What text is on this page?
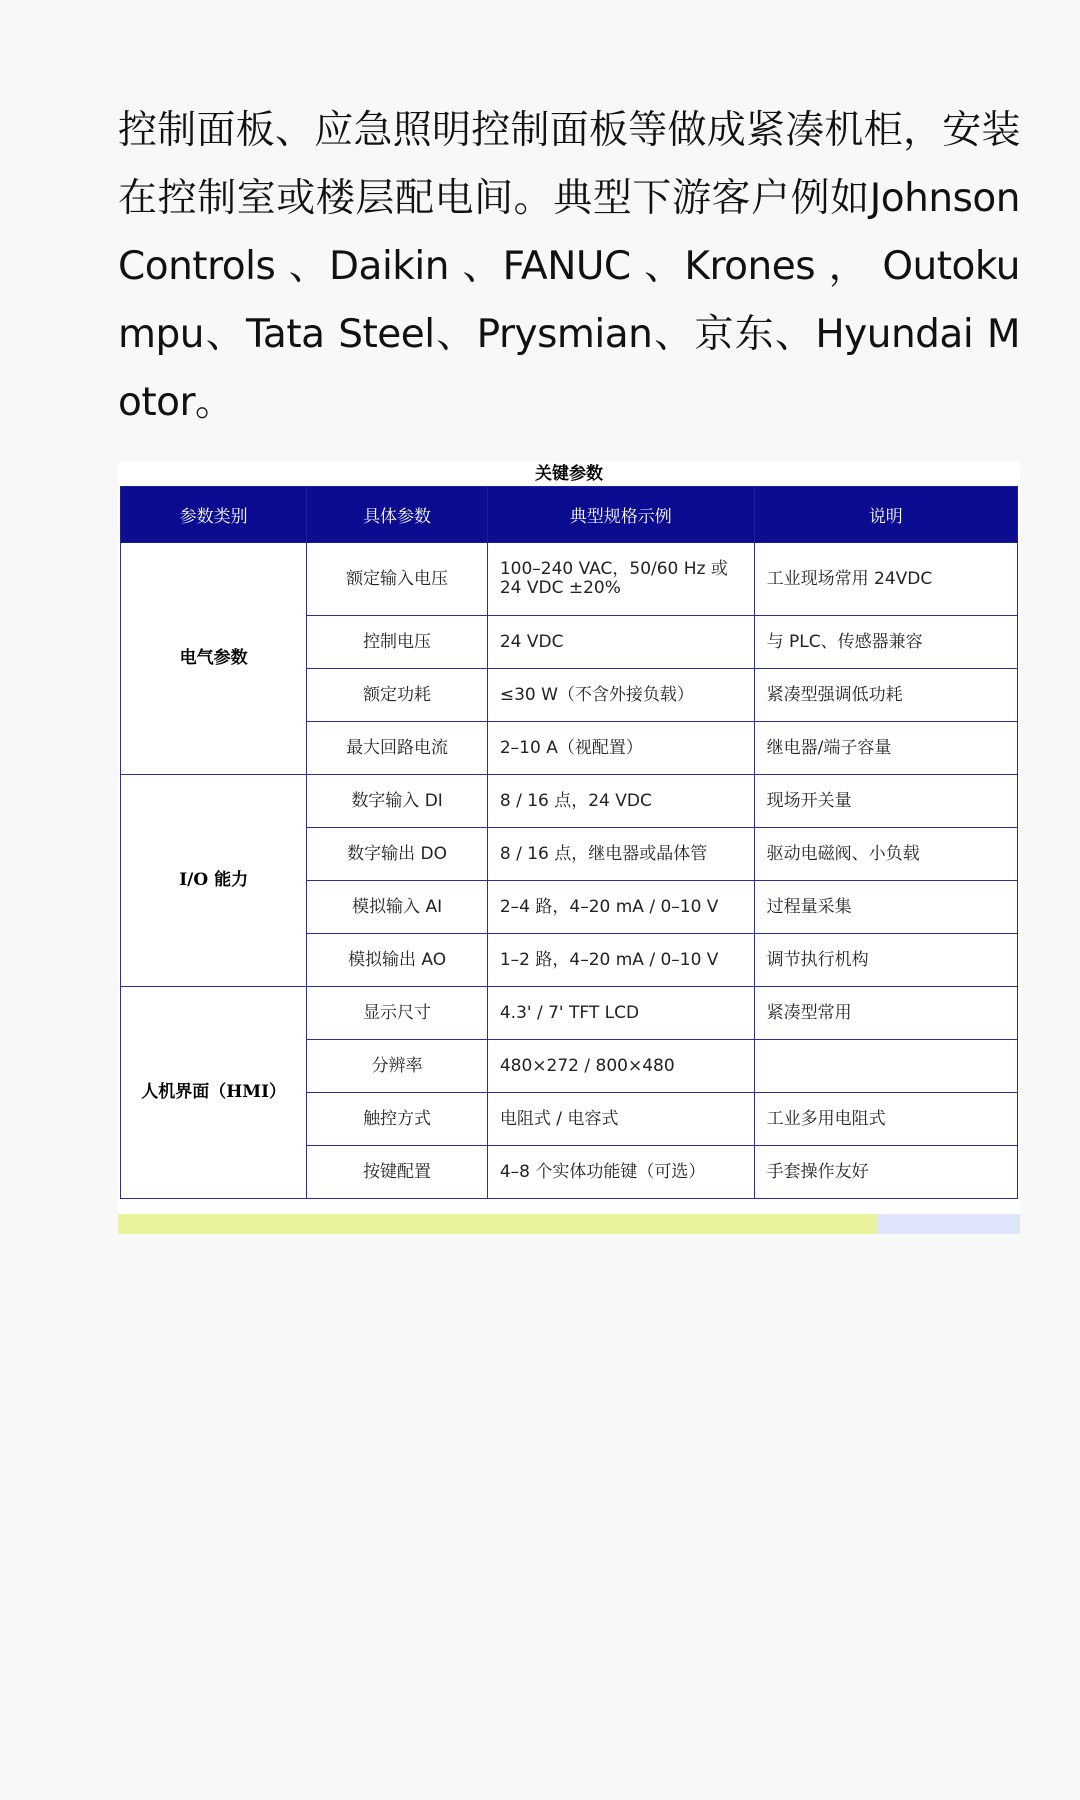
控制面板、应急照明控制面板等做成紧凑机柜，安装在控制室或楼层配电间。典型下游客户例如Johnson Controls 、Daikin 、FANUC 、Krones ， Outokumpu、Tata Steel、Prysmian、京东、Hyundai Motor。

关键参数
参数类别	具体参数	典型规格示例	说明
电气参数	额定输入电压	100–240 VAC，50/60 Hz 或 24 VDC ±20%	工业现场常用 24VDC
	控制电压	24 VDC	与 PLC、传感器兼容
	额定功耗	≤30 W（不含外接负载）	紧凑型强调低功耗
	最大回路电流	2–10 A（视配置）	继电器/端子容量
I/O 能力	数字输入 DI	8 / 16 点，24 VDC	现场开关量
	数字输出 DO	8 / 16 点，继电器或晶体管	驱动电磁阀、小负载
	模拟输入 AI	2–4 路，4–20 mA / 0–10 V	过程量采集
	模拟输出 AO	1–2 路，4–20 mA / 0–10 V	调节执行机构
人机界面（HMI）	显示尺寸	4.3' / 7' TFT LCD	紧凑型常用
	分辨率	480×272 / 800×480	
	触控方式	电阻式 / 电容式	工业多用电阻式
	按键配置	4–8 个实体功能键（可选）	手套操作友好
